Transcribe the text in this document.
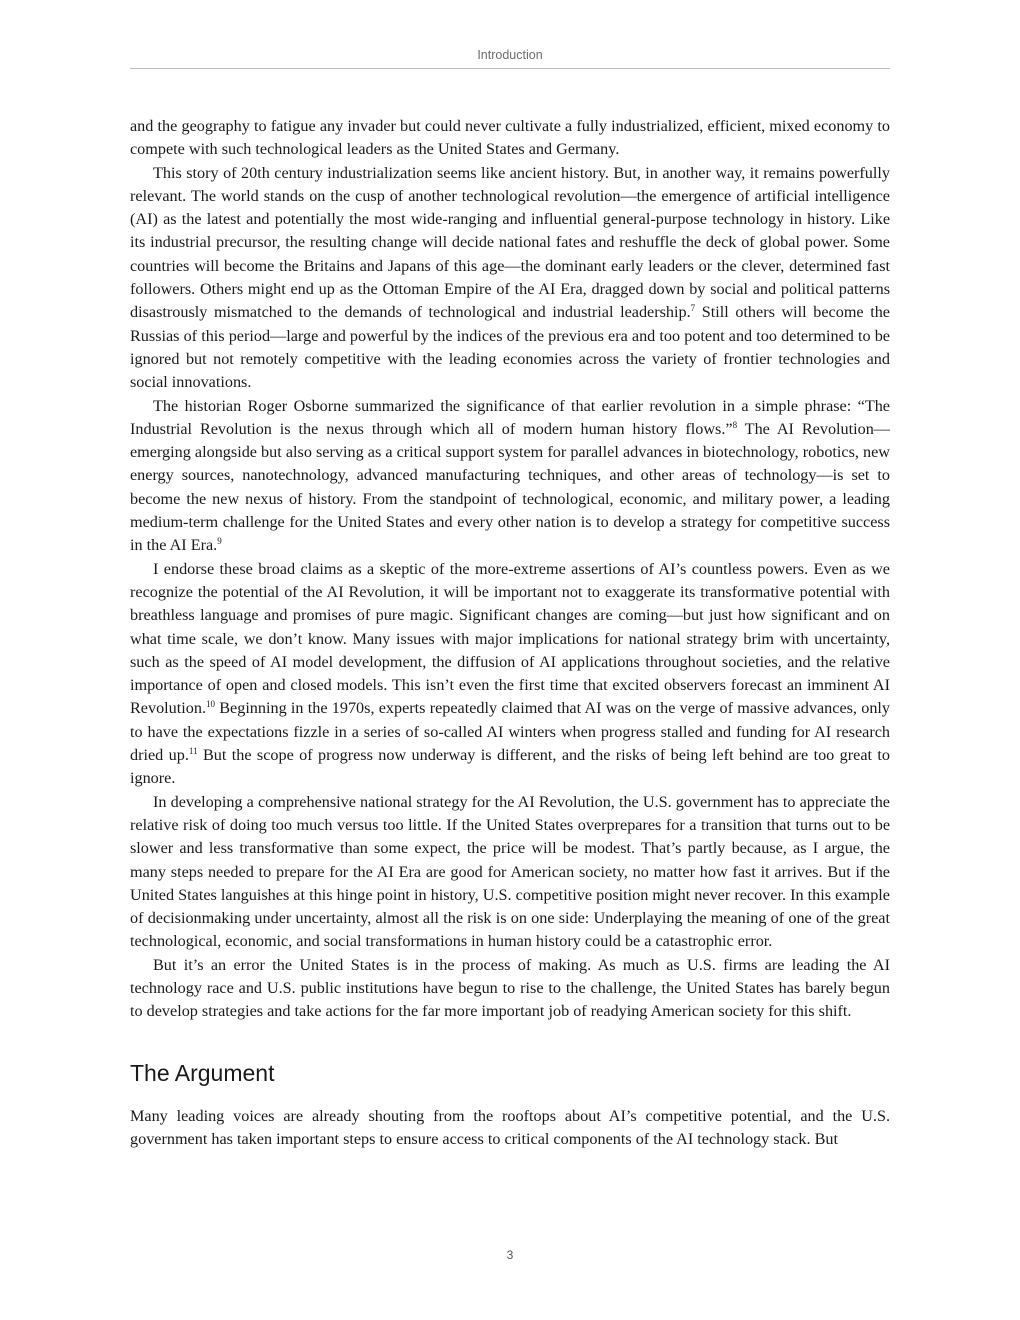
Introduction

and the geography to fatigue any invader but could never cultivate a fully industrialized, efficient, mixed economy to compete with such technological leaders as the United States and Germany.

This story of 20th century industrialization seems like ancient history. But, in another way, it remains powerfully relevant. The world stands on the cusp of another technological revolution—the emergence of artificial intelligence (AI) as the latest and potentially the most wide-ranging and influential general-purpose technology in history. Like its industrial precursor, the resulting change will decide national fates and reshuffle the deck of global power. Some countries will become the Britains and Japans of this age—the dominant early leaders or the clever, determined fast followers. Others might end up as the Ottoman Empire of the AI Era, dragged down by social and political patterns disastrously mismatched to the demands of technological and industrial leadership.$^7$ Still others will become the Russias of this period—large and powerful by the indices of the previous era and too potent and too determined to be ignored but not remotely competitive with the leading economies across the variety of frontier technologies and social innovations.

The historian Roger Osborne summarized the significance of that earlier revolution in a simple phrase: “The Industrial Revolution is the nexus through which all of modern human history flows.”$^8$ The AI Revolution—emerging alongside but also serving as a critical support system for parallel advances in biotechnology, robotics, new energy sources, nanotechnology, advanced manufacturing techniques, and other areas of technology—is set to become the new nexus of history. From the standpoint of technological, economic, and military power, a leading medium-term challenge for the United States and every other nation is to develop a strategy for competitive success in the AI Era.$^9$

I endorse these broad claims as a skeptic of the more-extreme assertions of AI’s countless powers. Even as we recognize the potential of the AI Revolution, it will be important not to exaggerate its transformative potential with breathless language and promises of pure magic. Significant changes are coming—but just how significant and on what time scale, we don’t know. Many issues with major implications for national strategy brim with uncertainty, such as the speed of AI model development, the diffusion of AI applications throughout societies, and the relative importance of open and closed models. This isn’t even the first time that excited observers forecast an imminent AI Revolution.$^{10}$ Beginning in the 1970s, experts repeatedly claimed that AI was on the verge of massive advances, only to have the expectations fizzle in a series of so-called AI winters when progress stalled and funding for AI research dried up.$^{11}$ But the scope of progress now underway is different, and the risks of being left behind are too great to ignore.

In developing a comprehensive national strategy for the AI Revolution, the U.S. government has to appreciate the relative risk of doing too much versus too little. If the United States overprepares for a transition that turns out to be slower and less transformative than some expect, the price will be modest. That’s partly because, as I argue, the many steps needed to prepare for the AI Era are good for American society, no matter how fast it arrives. But if the United States languishes at this hinge point in history, U.S. competitive position might never recover. In this example of decisionmaking under uncertainty, almost all the risk is on one side: Underplaying the meaning of one of the great technological, economic, and social transformations in human history could be a catastrophic error.

But it’s an error the United States is in the process of making. As much as U.S. firms are leading the AI technology race and U.S. public institutions have begun to rise to the challenge, the United States has barely begun to develop strategies and take actions for the far more important job of readying American society for this shift.

The Argument

Many leading voices are already shouting from the rooftops about AI’s competitive potential, and the U.S. government has taken important steps to ensure access to critical components of the AI technology stack. But

3
